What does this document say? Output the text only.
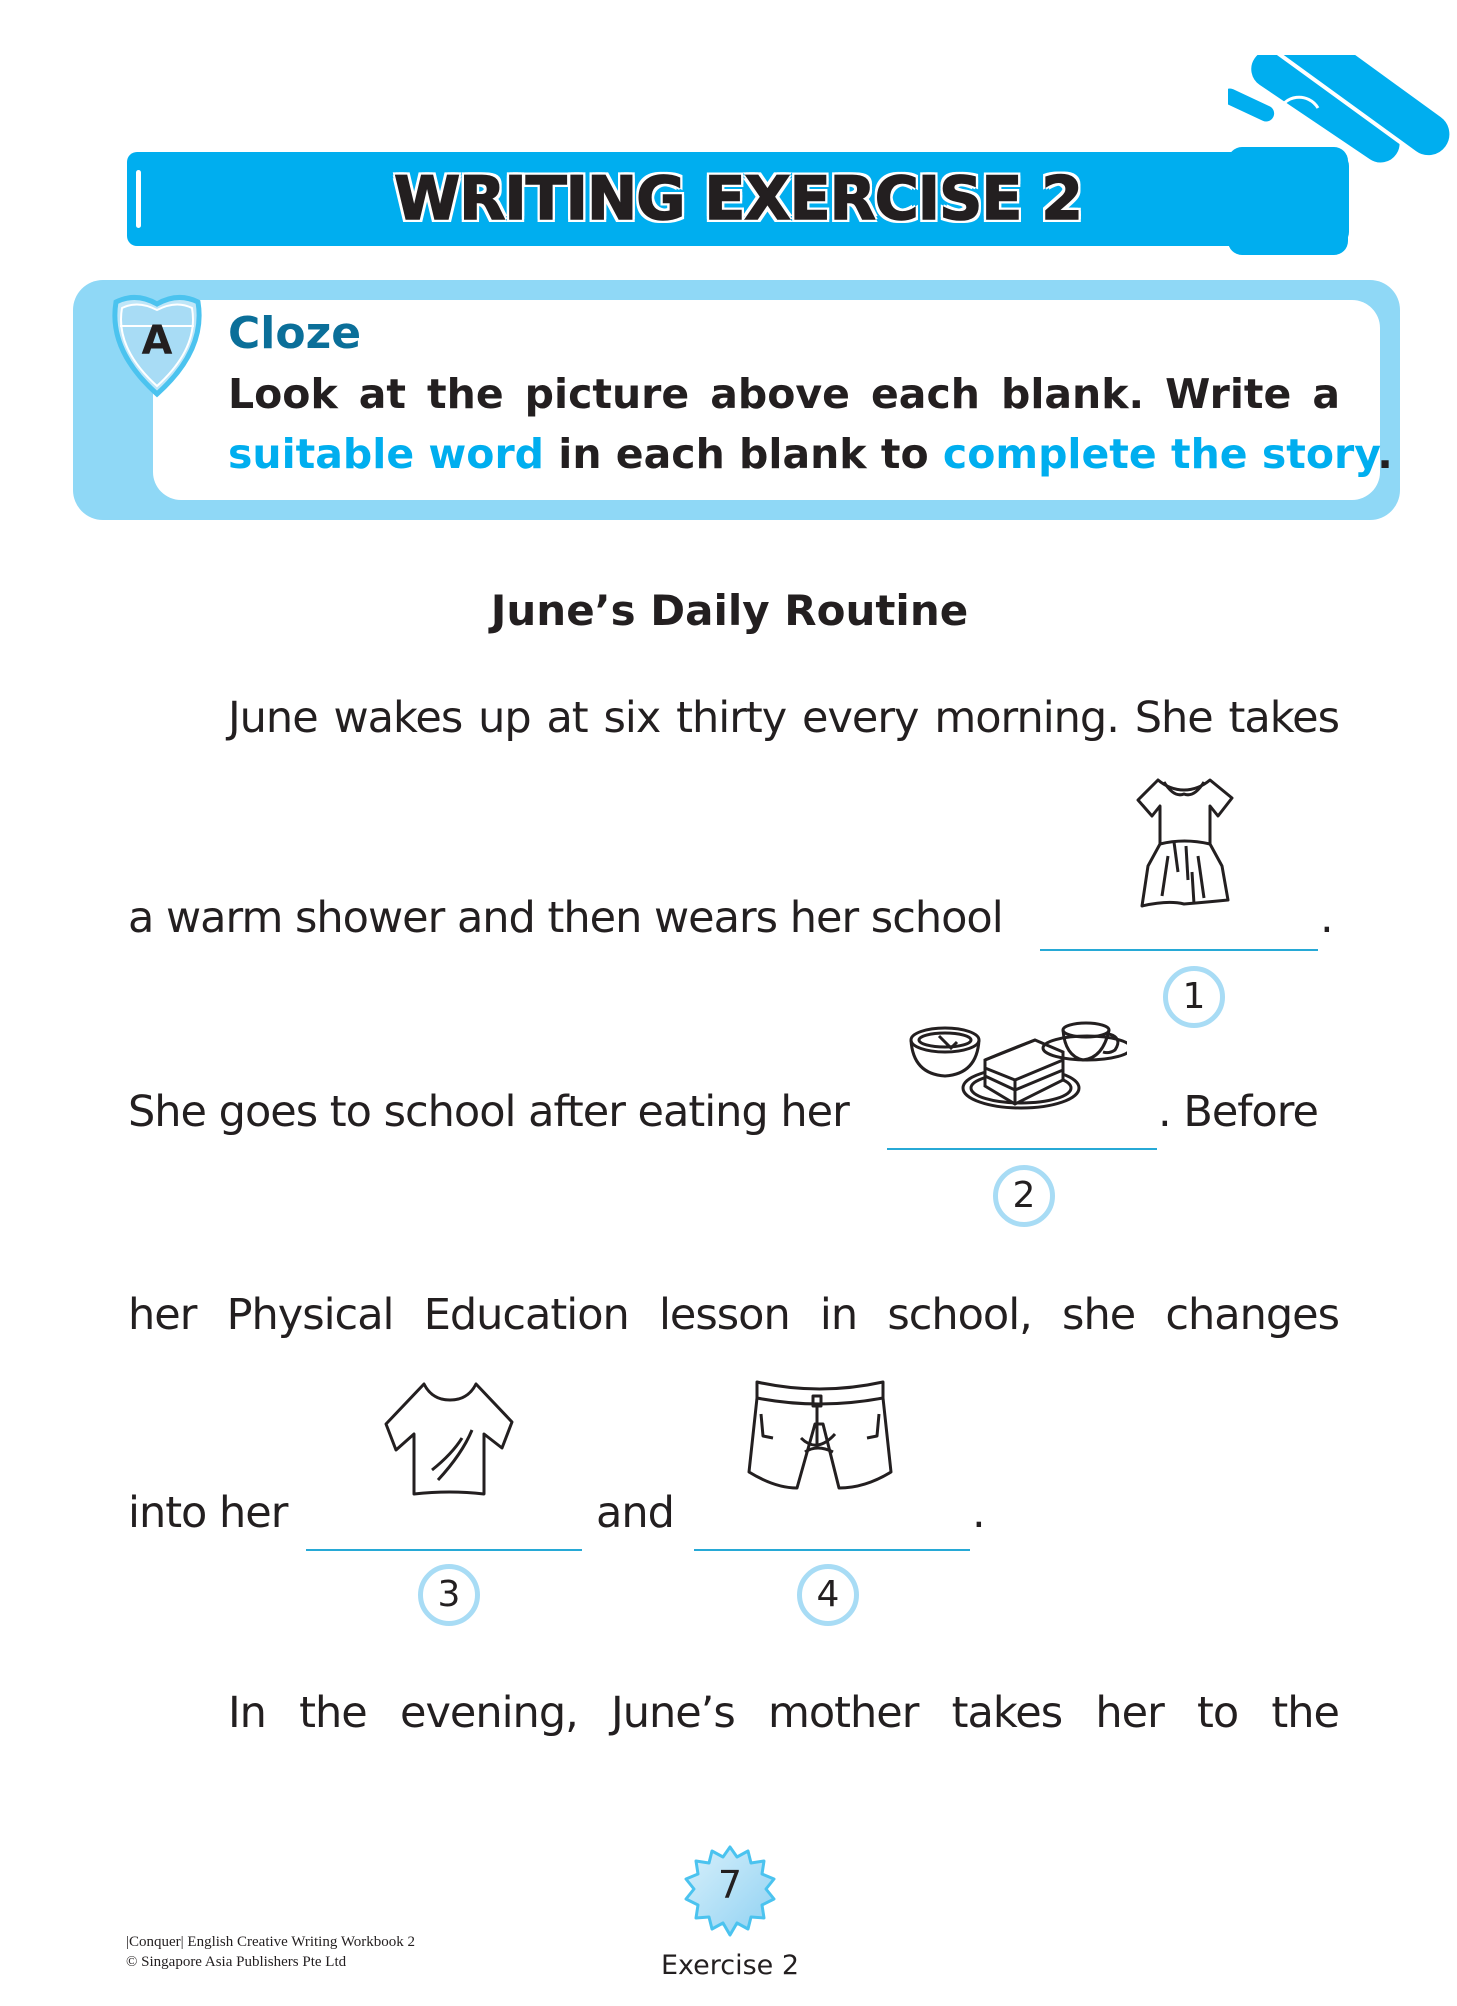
WRITING EXERCISE 2
A	Cloze
Look at the picture above each blank. Write a
suitable word in each blank to complete the story.
June’s Daily Routine
June wakes up at six thirty every morning. She takes
a warm shower and then wears her school	.
1
She goes to school after eating her	. Before
2
her Physical Education lesson in school, she changes
into her	and	.
3	4
In the evening, June’s mother takes her to the
|Conquer| English Creative Writing Workbook 2
© Singapore Asia Publishers Pte Ltd
7
Exercise 2
